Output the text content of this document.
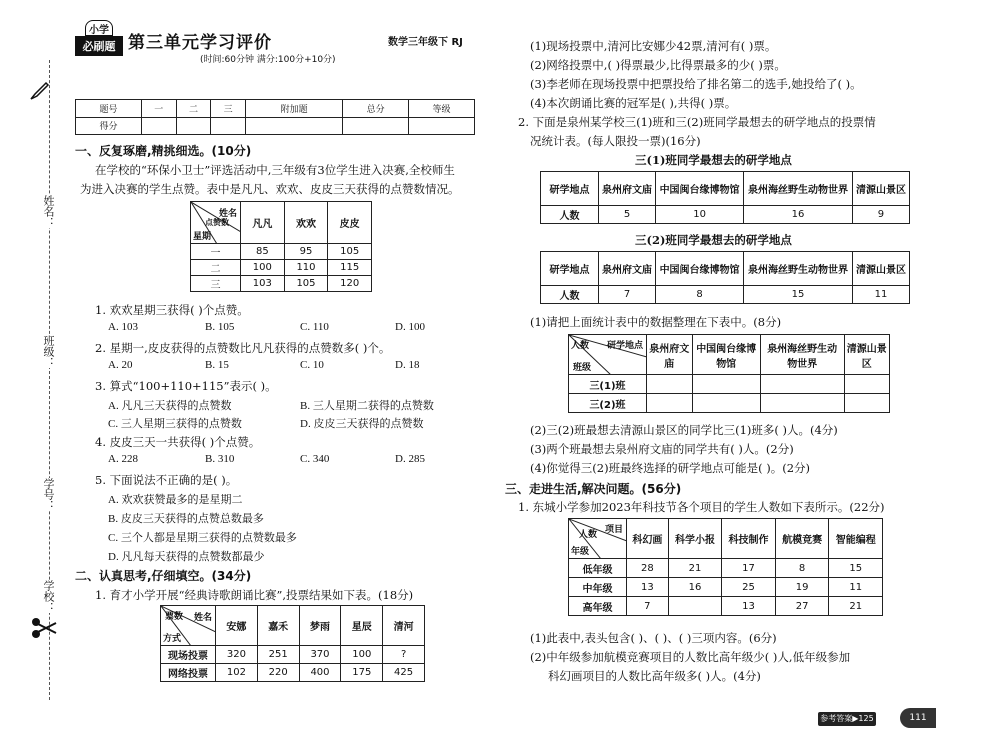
姓名：
班级：
学号：
学校：
小学
必刷题 第三单元学习评价	数学三年级下 RJ
(时间:60分钟 满分:100分+10分)
题号	一	二	三	附加题	总分	等级
得分						
一、反复琢磨,精挑细选。(10分)
在学校的“环保小卫士”评选活动中,三年级有3位学生进入决赛,全校师生
为进入决赛的学生点赞。表中是凡凡、欢欢、皮皮三天获得的点赞数情况。
姓名
点赞数
星期	凡凡	欢欢	皮皮
一	85	95	105
二	100	110	115
三	103	105	120
1. 欢欢星期三获得( )个点赞。
A. 103	B. 105	C. 110	D. 100
2. 星期一,皮皮获得的点赞数比凡凡获得的点赞数多( )个。
A. 20	B. 15	C. 10	D. 18
3. 算式“100+110+115”表示( )。
A. 凡凡三天获得的点赞数	B. 三人星期二获得的点赞数
C. 三人星期三获得的点赞数	D. 皮皮三天获得的点赞数
4. 皮皮三天一共获得( )个点赞。
A. 228	B. 310	C. 340	D. 285
5. 下面说法不正确的是( )。
A. 欢欢获赞最多的是星期二
B. 皮皮三天获得的点赞总数最多
C. 三个人都是星期三获得的点赞数最多
D. 凡凡每天获得的点赞数都最少
二、认真思考,仔细填空。(34分)
1. 育才小学开展“经典诗歌朗诵比赛”,投票结果如下表。(18分)
姓名
票数
方式	安娜	嘉禾	梦雨	星辰	清河
现场投票	320	251	370	100	?
网络投票	102	220	400	175	425
(1)现场投票中,清河比安娜少42票,清河有( )票。
(2)网络投票中,( )得票最少,比得票最多的少( )票。
(3)李老师在现场投票中把票投给了排名第二的选手,她投给了( )。
(4)本次朗诵比赛的冠军是( ),共得( )票。
2. 下面是泉州某学校三(1)班和三(2)班同学最想去的研学地点的投票情
况统计表。(每人限投一票)(16分)
三(1)班同学最想去的研学地点
研学地点	泉州府文庙	中国闽台缘博物馆	泉州海丝野生动物世界	清源山景区
人数	5	10	16	9
三(2)班同学最想去的研学地点
研学地点	泉州府文庙	中国闽台缘博物馆	泉州海丝野生动物世界	清源山景区
人数	7	8	15	11
(1)请把上面统计表中的数据整理在下表中。(8分)
研学地点
人数
班级	泉州府文庙	中国闽台缘博物馆	泉州海丝野生动物世界	清源山景区
三(1)班				
三(2)班				
(2)三(2)班最想去清源山景区的同学比三(1)班多( )人。(4分)
(3)两个班最想去泉州府文庙的同学共有( )人。(2分)
(4)你觉得三(2)班最终选择的研学地点可能是( )。(2分)
三、走进生活,解决问题。(56分)
1. 东城小学参加2023年科技节各个项目的学生人数如下表所示。(22分)
项目
人数
年级	科幻画	科学小报	科技制作	航模竞赛	智能编程
低年级	28	21	17	8	15
中年级	13	16	25	19	11
高年级	7		13	27	21
(1)此表中,表头包含( )、( )、( )三项内容。(6分)
(2)中年级参加航模竞赛项目的人数比高年级少( )人,低年级参加
科幻画项目的人数比高年级多( )人。(4分)
参考答案▶125	111
